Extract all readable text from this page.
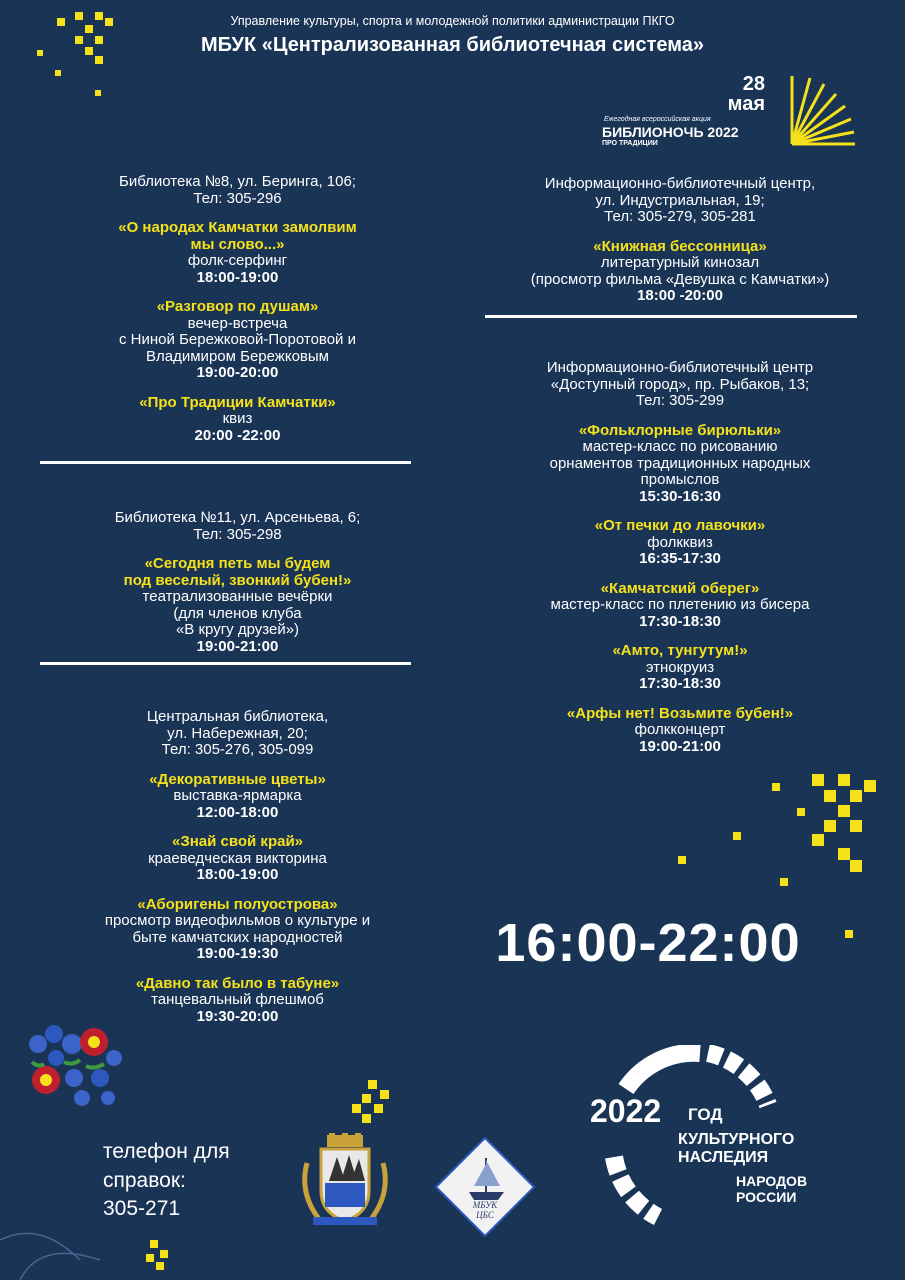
Управление культуры, спорта и молодежной политики администрации ПКГО
МБУК «Централизованная библиотечная система»
28
мая
Ежегодная всероссийская акция
БИБЛИОНОЧЬ 2022
ПРО ТРАДИЦИИ
Библиотека №8, ул. Беринга, 106;
Тел: 305-296
«О народах Камчатки замолвим
мы слово...»
фолк-серфинг
18:00-19:00
«Разговор по душам»
вечер-встреча
с Ниной Бережковой-Поротовой и
Владимиром Бережковым
19:00-20:00
«Про Традиции Камчатки»
квиз
20:00 -22:00
Библиотека №11, ул. Арсеньева, 6;
Тел: 305-298
«Сегодня петь мы будем
под веселый, звонкий бубен!»
театрализованные вечёрки
(для членов клуба
«В кругу друзей»)
19:00-21:00
Центральная библиотека,
ул. Набережная, 20;
Тел: 305-276, 305-099
«Декоративные цветы»
выставка-ярмарка
12:00-18:00
«Знай свой край»
краеведческая викторина
18:00-19:00
«Аборигены полуострова»
просмотр видеофильмов о культуре и
быте камчатских народностей
19:00-19:30
«Давно так было в табуне»
танцевальный флешмоб
19:30-20:00
Информационно-библиотечный центр,
ул. Индустриальная, 19;
Тел: 305-279, 305-281
«Книжная бессонница»
литературный кинозал
(просмотр фильма «Девушка с Камчатки»)
18:00 -20:00
Информационно-библиотечный центр
«Доступный город», пр. Рыбаков, 13;
Тел: 305-299
«Фольклорные бирюльки»
мастер-класс по рисованию
орнаментов традиционных народных
промыслов
15:30-16:30
«От печки до лавочки»
фолкквиз
16:35-17:30
«Камчатский оберег»
мастер-класс по плетению из бисера
17:30-18:30
«Амто, тунгутум!»
этнокруиз
17:30-18:30
«Арфы нет! Возьмите бубен!»
фолкконцерт
19:00-21:00
16:00-22:00
телефон для
справок:
305-271	МБУК
ЦБС
2022 ГОД
КУЛЬТУРНОГО
НАСЛЕДИЯ
НАРОДОВ
РОССИИ
